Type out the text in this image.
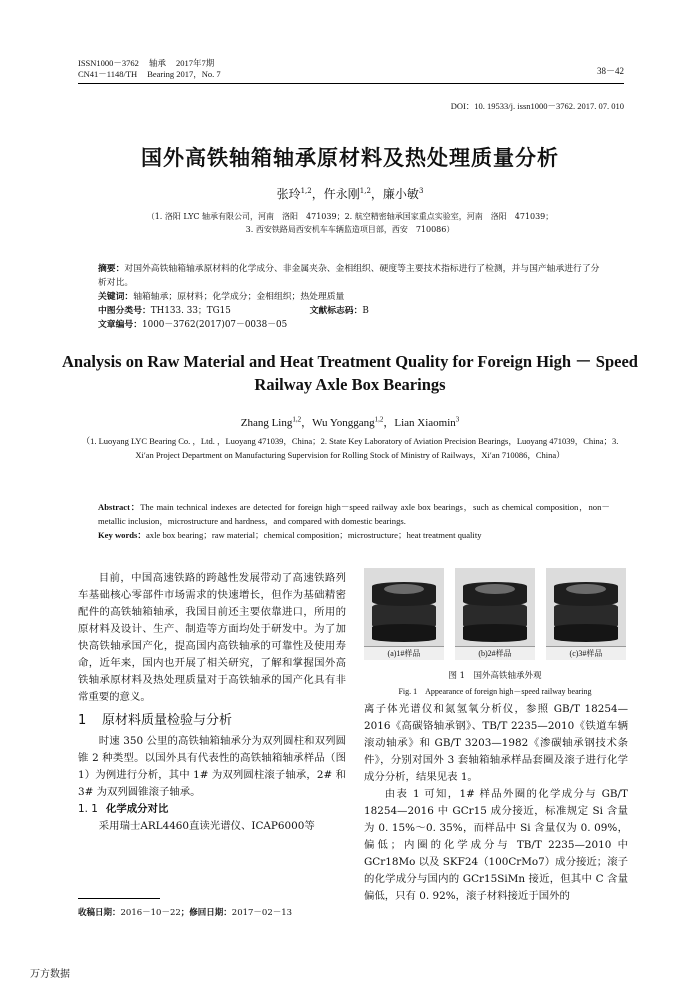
ISSN1000－3762 轴承 2017年7期
CN41－1148/TH Bearing 2017，No. 7	38－42
DOI：10. 19533/j. issn1000－3762. 2017. 07. 010
国外高铁轴箱轴承原材料及热处理质量分析
张玲$^{1,2}$，仵永刚$^{1,2}$，廉小敏$^3$
（1. 洛阳 LYC 轴承有限公司，河南　洛阳　471039；2. 航空精密轴承国家重点实验室，河南　洛阳　471039；
3. 西安铁路局西安机车车辆监造项目部，西安　710086）
摘要：对国外高铁轴箱轴承原材料的化学成分、非金属夹杂、金相组织、硬度等主要技术指标进行了检测，并与国产轴承进行了分析对比。
关键词：轴箱轴承；原材料；化学成分；金相组织；热处理质量
中图分类号：TH133. 33；TG15	文献标志码：B 文章编号：1000－3762(2017)07－0038－05
Analysis on Raw Material and Heat Treatment Quality for Foreign High － Speed Railway Axle Box Bearings
Zhang Ling$^{1,2}$，Wu Yonggang$^{1,2}$，Lian Xiaomin$^3$
（1. Luoyang LYC Bearing Co. ，Ltd. ，Luoyang 471039，China；2. State Key Laboratory of Aviation Precision Bearings，Luoyang 471039，China；3. Xi′an Project Department on Manufacturing Supervision for Rolling Stock of Ministry of Railways，Xi′an 710086，China）
Abstract：The main technical indexes are detected for foreign high－speed railway axle box bearings，such as chemical composition，non－metallic inclusion，microstructure and hardness，and compared with domestic bearings.
Key words：axle box bearing；raw material；chemical composition；microstructure；heat treatment quality

目前，中国高速铁路的跨越性发展带动了高速铁路列车基础核心零部件市场需求的快速增长，但作为基础精密配件的高铁轴箱轴承，我国目前还主要依靠进口，所用的原材料及设计、生产、制造等方面均处于研发中。为了加快高铁轴承国产化，提高国内高铁轴承的可靠性及使用寿命，近年来，国内也开展了相关研究，了解和掌握国外高铁轴承原材料及热处理质量对于高铁轴承的国产化具有非常重要的意义。

1 原材料质量检验与分析

时速 350 公里的高铁轴箱轴承分为双列圆柱和双列圆锥 2 种类型。以国外具有代表性的高铁轴箱轴承样品（图 1）为例进行分析，其中 1# 为双列圆柱滚子轴承，2# 和 3# 为双列圆锥滚子轴承。

1. 1 化学成分对比

采用瑞士ARL4460直读光谱仪、ICAP6000等

收稿日期：2016－10－22；修回日期：2017－02－13
万方数据
(a)1#样品	(b)2#样品	(c)3#样品
图 1　国外高铁轴承外观
Fig. 1　Appearance of foreign high－speed railway bearing

离子体光谱仪和氮氢氧分析仪，参照 GB/T 18254—2016《高碳铬轴承钢》、TB/T 2235—2010《铁道车辆滚动轴承》和 GB/T 3203—1982《渗碳轴承钢技术条件》，分别对国外 3 套轴箱轴承样品套圈及滚子进行化学成分分析，结果见表 1。

由表 1 可知，1# 样品外圈的化学成分与 GB/T 18254—2016 中 GCr15 成分接近，标准规定 Si 含量为 0. 15%～0. 35%，而样品中 Si 含量仅为 0. 09%，偏低；内圈的化学成分与 TB/T 2235—2010 中 GCr18Mo 以及 SKF24（100CrMo7）成分接近；滚子的化学成分与国内的 GCr15SiMn 接近，但其中 C 含量偏低，只有 0. 92%，滚子材料接近于国外的
